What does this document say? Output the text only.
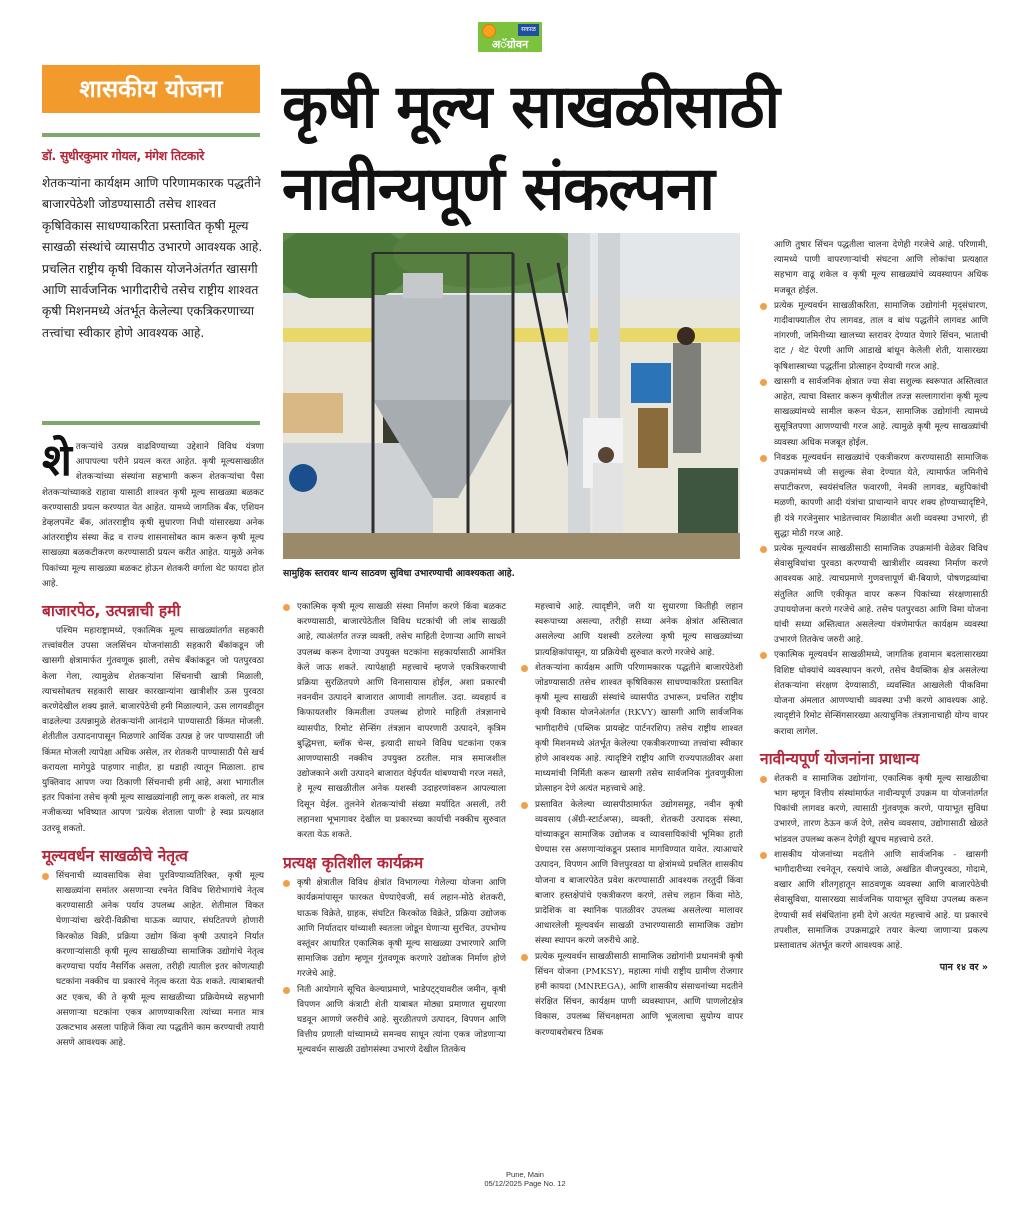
सकाळ
अॅग्रोवन
शासकीय योजना कृषी मूल्य साखळीसाठी
नावीन्यपूर्ण संकल्पना
डॉ. सुधीरकुमार गोयल, मंगेश तिटकारे
शेतकऱ्यांना कार्यक्षम आणि परिणामकारक पद्धतीने बाजारपेठेशी जोडण्यासाठी तसेच शाश्वत कृषिविकास साधण्याकरिता प्रस्तावित कृषी मूल्य साखळी संस्थांचे व्यासपीठ उभारणे आवश्यक आहे. प्रचलित राष्ट्रीय कृषी विकास योजनेअंतर्गत खासगी आणि सार्वजनिक भागीदारीचे तसेच राष्ट्रीय शाश्वत कृषी मिशनमध्ये अंतर्भूत केलेल्या एकत्रिकरणाच्या तत्त्वांचा स्वीकार होणे आवश्यक आहे.

शेतकऱ्यांचे उत्पन्न वाढविण्याच्या उद्देशाने विविध यंत्रणा आपापल्या परीने प्रयत्न करत आहेत. कृषी मूल्यसाखळीत शेतकऱ्यांच्या संस्थांना सहभागी करून शेतकऱ्यांचा पैसा शेतकऱ्यांच्याकडे राहावा यासाठी शाश्वत कृषी मूल्य साखळ्या बळकट करण्यासाठी प्रयत्न करण्यात येत आहेत. यामध्ये जागतिक बँक, एशियन डेव्हलपमेंट बँक, आंतरराष्ट्रीय कृषी सुधारणा निधी यांसारख्या अनेक आंतरराष्ट्रीय संस्था केंद्र व राज्य शासनासोबत काम करून कृषी मूल्य साखळ्या बळकटीकरण करण्यासाठी प्रयत्न करीत आहेत. यामुळे अनेक पिकांच्या मूल्य साखळ्या बळकट होऊन शेतकरी वर्गाला थेट फायदा होत आहे.

बाजारपेठ, उत्पन्नाची हमी

पश्चिम महाराष्ट्रामध्ये, एकात्मिक मूल्य साखळ्यांतर्गत सहकारी तत्त्वांवरील उपसा जलसिंचन योजनांसाठी सहकारी बँकांकडून जी खासगी क्षेत्रामार्फत गुंतवणूक झाली, तसेच बँकांकडून जो पतपुरवठा केला गेला, त्यामुळेच शेतकऱ्यांना सिंचनाची खात्री मिळाली, त्याचसोबतच सहकारी साखर कारखान्यांना खात्रीशीर ऊस पुरवठा करणेदेखील शक्य झाले. बाजारपेठेची हमी मिळाल्याने, ऊस लागवडीतून वाढलेल्या उत्पन्नामुळे शेतकऱ्यांनी आनंदाने पाण्यासाठी किंमत मोजली. शेतीतील उत्पादनापासून मिळणारे आर्थिक उत्पन्न हे जर पाण्यासाठी जी किंमत मोजली त्यापेक्षा अधिक असेल, तर शेतकरी पाण्यासाठी पैसे खर्च करायला मागेपुढे पाहणार नाहीत, हा धडाही त्यातून मिळाला. हाच युक्तिवाद आपण ज्या ठिकाणी सिंचनाची हमी आहे, अशा भागातील इतर पिकांना तसेच कृषी मूल्य साखळ्यांनाही लागू करू शकलो, तर मात्र नजीकच्या भविष्यात आपण 'प्रत्येक शेताला पाणी' हे स्वप्न प्रत्यक्षात उतरवू शकतो.

मूल्यवर्धन साखळीचे नेतृत्व
सिंचनाची व्यावसायिक सेवा पुरविण्याव्यतिरिक्त, कृषी मूल्य साखळ्यांना समांतर असणाऱ्या रचनेत विविध शिरोभागांचे नेतृत्व करण्यासाठी अनेक पर्याय उपलब्ध आहेत. शेतीमाल विकत घेणाऱ्यांचा खरेदी-विक्रीचा घाऊक व्यापार, संघटितपणे होणारी किरकोळ विक्री, प्रक्रिया उद्योग किंवा कृषी उत्पादने निर्यात करणाऱ्यांसाठी कृषी मूल्य साखळीच्या सामाजिक उद्योगांचे नेतृत्व करण्याचा पर्याय नैसर्गिक असला, तरीही त्यातील इतर कोणत्याही घटकांना नक्कीच या प्रकारचे नेतृत्व करता येऊ शकते. त्याबाबतची अट एकच, की ते कृषी मूल्य साखळीच्या प्रक्रियेमध्ये सहभागी असणाऱ्या घटकांना एकत्र आणण्याकरिता त्यांच्या मनात मात्र उत्कटभाव असला पाहिजे किंवा त्या पद्धतीने काम करण्याची तयारी असणे आवश्यक आहे.
सामुहिक स्तरावर धान्य साठवण सुविधा उभारण्याची आवश्यकता आहे.
एकात्मिक कृषी मूल्य साखळी संस्था निर्माण करणे किंवा बळकट करण्यासाठी, बाजारपेठेतील विविध घटकांची जी लांब साखळी आहे, त्याअंतर्गत तज्ज्ञ व्यक्ती, तसेच माहिती देणाऱ्या आणि साधने उपलब्ध करून देणाऱ्या उपयुक्त घटकांना सहकार्यासाठी आमंत्रित केले जाऊ शकते. त्यापेक्षाही महत्त्वाचे म्हणजे एकत्रिकरणाची प्रक्रिया सुरळितपणे आणि विनासायास होईल, अशा प्रकारची नवनवीन उत्पादने बाजारात आणावी लागतील. उदा. व्यवहार्य व किफायतशीर किमतीला उपलब्ध होणारे माहिती तंत्रज्ञानाचे व्यासपीठ, रिमोट सेन्सिंग तंत्रज्ञान वापरणारी उत्पादने, कृत्रिम बुद्धिमत्ता, ब्लॉक चेन्स, इत्यादी साधने विविध घटकांना एकत्र आणण्यासाठी नक्कीच उपयुक्त ठरतील. मात्र समाजशील उद्योजकाने अशी उत्पादने बाजारात येईपर्यंत थांबण्याची गरज नसते, हे मूल्य साखळीतील अनेक यशस्वी उदाहरणांवरून आपल्याला दिसून येईल. तुलनेने शेतकऱ्यांची संख्या मर्यादित असली, तरी लहानशा भूभागावर देखील या प्रकारच्या कार्याची नक्कीच सुरुवात करता येऊ शकते.
प्रत्यक्ष कृतिशील कार्यक्रम
कृषी क्षेत्रातील विविध क्षेत्रांत विभागल्या गेलेल्या योजना आणि कार्यक्रमांपासून फारकत घेण्याऐवजी, सर्व लहान-मोठे शेतकरी, घाऊक विक्रेते, ग्राहक, संघटित किरकोळ विक्रेते, प्रक्रिया उद्योजक आणि निर्यातदार यांच्याशी स्वतःला जोडून घेणाऱ्या सुरचित, उपभोग्य वस्तूंवर आधारित एकात्मिक कृषी मूल्य साखळ्या उभारणारे आणि सामाजिक उद्योग म्हणून गुंतवणूक करणारे उद्योजक निर्माण होणे गरजेचे आहे.
निती आयोगाने सूचित केल्याप्रमाणे, भाडेपट्ट्यावरील जमीन, कृषी विपणन आणि कंत्राटी शेती याबाबत मोठ्या प्रमाणात सुधारणा घडवून आणणे जरुरीचे आहे. सुरळीतपणे उत्पादन, विपणन आणि वित्तीय प्रणाली यांच्यामध्ये समन्वय साधून त्यांना एकत्र जोडणाऱ्या मूल्यवर्धन साखळी उद्योगसंस्था उभारणे देखील तितकेच

महत्त्वाचे आहे. त्यादृष्टीने, जरी या सुधारणा कितीही लहान स्वरूपाच्या असल्या, तरीही सध्या अनेक क्षेत्रांत अस्तित्वात असलेल्या आणि यशस्वी ठरलेल्या कृषी मूल्य साखळ्यांच्या प्रात्यक्षिकांपासून, या प्रक्रियेची सुरुवात करणे गरजेचे आहे.

शेतकऱ्यांना कार्यक्षम आणि परिणामकारक पद्धतीने बाजारपेठेशी जोडण्यासाठी तसेच शाश्वत कृषिविकास साधण्याकरिता प्रस्तावित कृषी मूल्य साखळी संस्थांचे व्यासपीठ उभारून, प्रचलित राष्ट्रीय कृषी विकास योजनेअंतर्गत (RKVY) खासगी आणि सार्वजनिक भागीदारीचे (पब्लिक प्रायव्हेट पार्टनरशिप) तसेच राष्ट्रीय शाश्वत कृषी मिशनमध्ये अंतर्भूत केलेल्या एकत्रीकरणाच्या तत्त्वांचा स्वीकार होणे आवश्यक आहे. त्यादृष्टिने राष्ट्रीय आणि राज्यपातळीवर अशा माध्यमांची निर्मिती करून खासगी तसेच सार्वजनिक गुंतवणुकीला प्रोत्साहन देणे अत्यंत महत्त्वाचे आहे.
प्रस्तावित केलेल्या व्यासपीठामार्फत उद्योगसमूह, नवीन कृषी व्यवसाय (ॲग्री-स्टार्टअप्स), व्यक्ती, शेतकरी उत्पादक संस्था, यांच्याकडून सामाजिक उद्योजक व व्यावसायिकांची भूमिका हाती घेण्यास रस असणाऱ्यांकडून प्रस्ताव मागविण्यात यावेत. त्याआधारे उत्पादन, विपणन आणि वित्तपुरवठा या क्षेत्रांमध्ये प्रचलित शासकीय योजना व बाजारपेठेत प्रवेश करण्यासाठी आवश्यक तरतुदी किंवा बाजार हस्तक्षेपांचे एकत्रीकरण करणे, तसेच लहान किंवा मोठे, प्रादेशिक वा स्थानिक पातळीवर उपलब्ध असलेल्या मालावर आधारलेली मूल्यवर्धन साखळी उभारण्यासाठी सामाजिक उद्योग संस्था स्थापन करणे जरुरीचे आहे.
प्रत्येक मूल्यवर्धन साखळीसाठी सामाजिक उद्योगांनी प्रधानमंत्री कृषी सिंचन योजना (PMKSY), महात्मा गांधी राष्ट्रीय ग्रामीण रोजगार हमी कायदा (MNREGA), आणि शासकीय संसाधनांच्या मदतीने संरक्षित सिंचन, कार्यक्षम पाणी व्यवस्थापन, आणि पाणलोटक्षेत्र विकास, उपलब्ध सिंचनक्षमता आणि भूजलाचा सुयोग्य वापर करण्याबरोबरच ठिबक

आणि तुषार सिंचन पद्धतीला चालना देणेही गरजेचे आहे. परिणामी, त्यामध्ये पाणी वापरणाऱ्यांची संघटना आणि लोकांचा प्रत्यक्षात सहभाग वाढू शकेल व कृषी मूल्य साखळ्यांचे व्यवस्थापन अधिक मजबूत होईल.

प्रत्येक मूल्यवर्धन साखळीकरिता, सामाजिक उद्योगांनी मृद्संधारण, गादीवाफ्यातील रोप लागवड, ताल व बांध पद्धतीने लागवड आणि नांगरणी, जमिनीच्या खालच्या स्तरावर देण्यात येणारे सिंचन, भाताची दाट / थेट पेरणी आणि आडाखे बांधून केलेली शेती, यासारख्या कृषिशास्त्राच्या पद्धतींना प्रोत्साहन देण्याची गरज आहे.
खासगी व सार्वजनिक क्षेत्रात ज्या सेवा सशुल्क स्वरूपात अस्तित्वात आहेत, त्याचा विस्तार करून कृषीतील तज्ज्ञ सल्लागारांना कृषी मूल्य साखळ्यांमध्ये सामील करून घेऊन, सामाजिक उद्योगांनी त्यामध्ये सुसूत्रितपणा आणण्याची गरज आहे. त्यामुळे कृषी मूल्य साखळ्यांची व्यवस्था अधिक मजबूत होईल.
निवडक मूल्यवर्धन साखळ्यांचे एकत्रीकरण करण्यासाठी सामाजिक उपक्रमांमध्ये जी सशुल्क सेवा देण्यात येते, त्यामार्फत जमिनीचे सपाटीकरण, स्वयंसंचलित फवारणी, नेमकी लागवड, बहुपिकांची मळणी, कापणी आदी यंत्रांचा प्राधान्याने वापर शक्य होण्याच्यादृष्टिने, ही यंत्रे गरजेनुसार भाडेतत्त्वावर मिळावीत अशी व्यवस्था उभारणे, ही सुद्धा मोठी गरज आहे.
प्रत्येक मूल्यवर्धन साखळीसाठी सामाजिक उपक्रमांनी वेळेवर विविध सेवासुविधांचा पुरवठा करण्याची खात्रीशीर व्यवस्था निर्माण करणे आवश्यक आहे. त्याचप्रमाणे गुणवत्तापूर्ण बी-बियाणे, पोषणद्रव्यांचा संतुलित आणि एकीकृत वापर करून पिकांच्या संरक्षणासाठी उपाययोजना करणे गरजेचे आहे. तसेच पतपुरवठा आणि विमा योजना यांची सध्या अस्तित्वात असलेल्या यंत्रणेमार्फत कार्यक्षम व्यवस्था उभारणे तितकेच जरुरी आहे.
एकात्मिक मूल्यवर्धन साखळीमध्ये, जागतिक हवामान बदलासारख्या विशिष्ट धोक्यांचे व्यवस्थापन करणे, तसेच वैयक्तिक क्षेत्र असलेल्या शेतकऱ्यांना संरक्षण देण्यासाठी, व्यवस्थित आखलेली पीकविमा योजना अंमलात आणण्याची व्यवस्था उभी करणे आवश्यक आहे. त्यादृष्टीने रिमोट सेन्सिंगसारख्या अत्याधुनिक तंत्रज्ञानाचाही योग्य वापर करावा लागेल.
नावीन्यपूर्ण योजनांना प्राधान्य
शेतकरी व सामाजिक उद्योगांना, एकात्मिक कृषी मूल्य साखळीचा भाग म्हणून वित्तीय संस्थांमार्फत नावीन्यपूर्ण उपक्रम या योजनांतर्गत पिकांची लागवड करणे, त्यासाठी गुंतवणूक करणे, पायाभूत सुविधा उभारणे, तारण ठेऊन कर्ज देणे, तसेच व्यवसाय, उद्योगासाठी खेळते भांडवल उपलब्ध करून देणेही खूपच महत्त्वाचे ठरते.
शासकीय योजनांच्या मदतीने आणि सार्वजनिक - खासगी भागीदारीच्या रचनेतून, रस्त्यांचे जाळे, अखंडित वीजपुरवठा, गोदामे, वखार आणि शीतगृहातून साठवणूक व्यवस्था आणि बाजारपेठेची सेवासुविधा, यासारख्या सार्वजनिक पायाभूत सुविधा उपलब्ध करून देण्याची सर्व संबंधितांना हमी देणे अत्यंत महत्त्वाचे आहे. या प्रकारचे तपशील, सामाजिक उपक्रमाद्वारे तयार केल्या जाणाऱ्या प्रकल्प प्रस्तावातच अंतर्भूत करणे आवश्यक आहे.
पान १४ वर »
Pune, Main
05/12/2025 Page No. 12
